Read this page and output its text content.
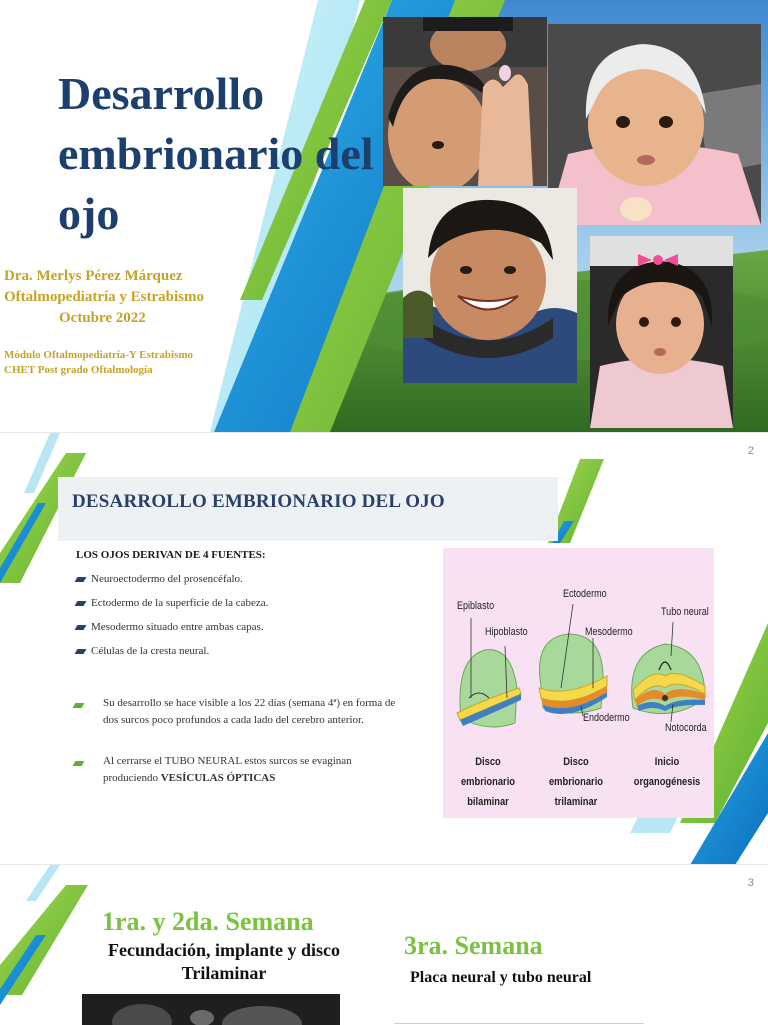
Desarrollo
embrionario del
ojo
Dra. Merlys Pérez Márquez
Oftalmopediatría y Estrabismo
Octubre 2022
Módulo Oftalmopediatría-Y Estrabismo
CHET Post grado Oftalmología
2
DESARROLLO EMBRIONARIO DEL OJO
LOS OJOS DERIVAN DE 4 FUENTES:
Neuroectodermo del prosencéfalo.
Ectodermo de la superficie de la cabeza.
Mesodermo situado entre ambas capas.
Células de la cresta neural.
Su desarrollo se hace visible a los 22 días (semana 4ª) en forma de dos surcos poco profundos a cada lado del cerebro anterior.
Al cerrarse el TUBO NEURAL estos surcos se evaginan produciendo VESÍCULAS ÓPTICAS
Epiblasto
Hipoblasto
Ectodermo
Mesodermo
Endodermo
Tubo neural
Notocorda
Disco embrionario
bilaminar
Disco embrionario
trilaminar
Inicio
organogénesis
3
1ra. y 2da. Semana
Fecundación, implante y disco Trilaminar
3ra. Semana
Placa neural y tubo neural
